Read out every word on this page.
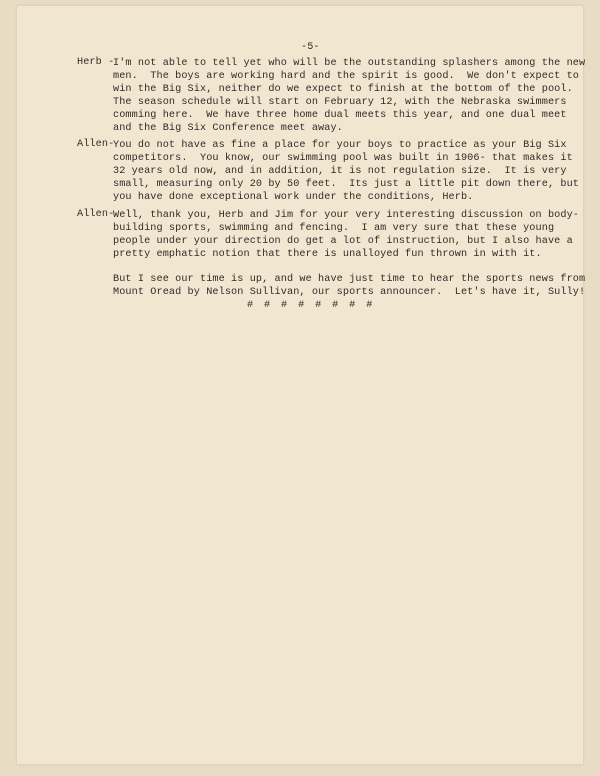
-5-
Herb -
I'm not able to tell yet who will be the outstanding splashers among the new
men.  The boys are working hard and the spirit is good.  We don't expect to
win the Big Six, neither do we expect to finish at the bottom of the pool.
The season schedule will start on February 12, with the Nebraska swimmers
comming here.  We have three home dual meets this year, and one dual meet
and the Big Six Conference meet away.
Allen-
You do not have as fine a place for your boys to practice as your Big Six
competitors.  You know, our swimming pool was built in 1906- that makes it
32 years old now, and in addition, it is not regulation size.  It is very
small, measuring only 20 by 50 feet.  Its just a little pit down there, but
you have done exceptional work under the conditions, Herb.
Allen-
Well, thank you, Herb and Jim for your very interesting discussion on body-
building sports, swimming and fencing.  I am very sure that these young
people under your direction do get a lot of instruction, but I also have a
pretty emphatic notion that there is unalloyed fun thrown in with it.
But I see our time is up, and we have just time to hear the sports news from
Mount Oread by Nelson Sullivan, our sports announcer.  Let's have it, Sully!
# # # # # # # #
